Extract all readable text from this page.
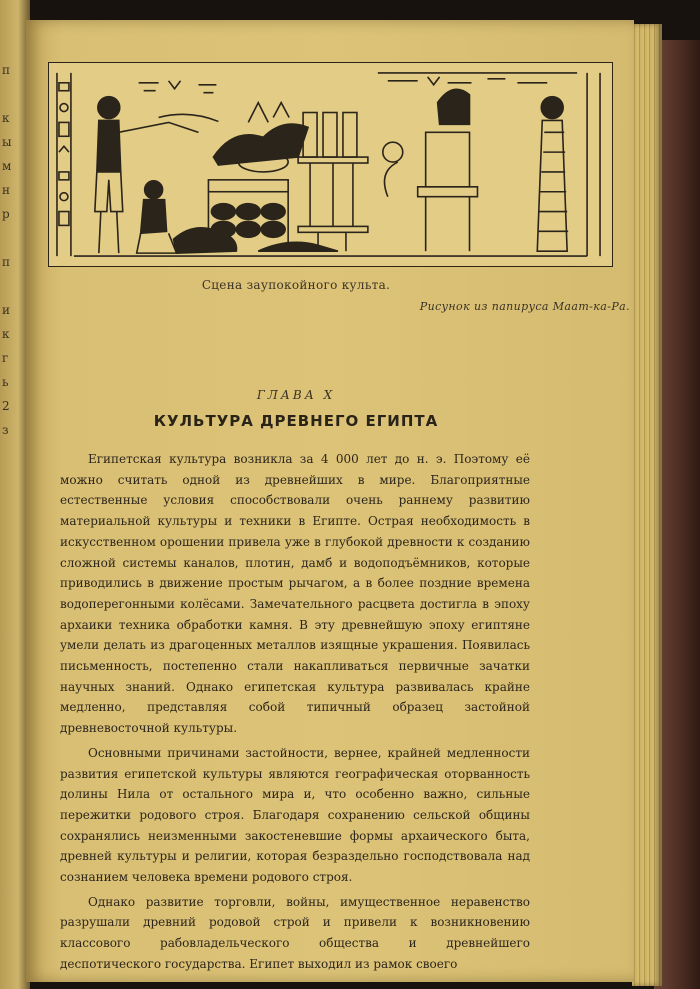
п

к
ы
м
н
р

п

и
к
г
ь
2
з
Сцена заупокойного культа.
Рисунок из папируса Маат-ка-Ра.
ГЛАВА X
КУЛЬТУРА ДРЕВНЕГО ЕГИПТА

Египетская культура возникла за 4 000 лет до н. э. Поэтому её можно считать одной из древнейших в мире. Благоприятные естественные условия способствовали очень раннему развитию материальной культуры и техники в Египте. Острая необходимость в искусственном орошении привела уже в глубокой древности к созданию сложной системы каналов, плотин, дамб и водоподъёмников, которые приводились в движение простым рычагом, а в более поздние времена водоперегонными колёсами. Замечательного расцвета достигла в эпоху архаики техника обработки камня. В эту древнейшую эпоху египтяне умели делать из драгоценных металлов изящные украшения. Появилась письменность, постепенно стали накапливаться первичные зачатки научных знаний. Однако египетская культура развивалась крайне медленно, представляя собой типичный образец застойной древневосточной культуры.

Основными причинами застойности, вернее, крайней медленности развития египетской культуры являются географическая оторванность долины Нила от остального мира и, что особенно важно, сильные пережитки родового строя. Благодаря сохранению сельской общины сохранялись неизменными закостеневшие формы архаического быта, древней культуры и религии, которая безраздельно господствовала над сознанием человека времени родового строя.

Однако развитие торговли, войны, имущественное неравенство разрушали древний родовой строй и привели к возникновению классового рабовладельческого общества и древнейшего деспотического государства. Египет выходил из рамок своего
